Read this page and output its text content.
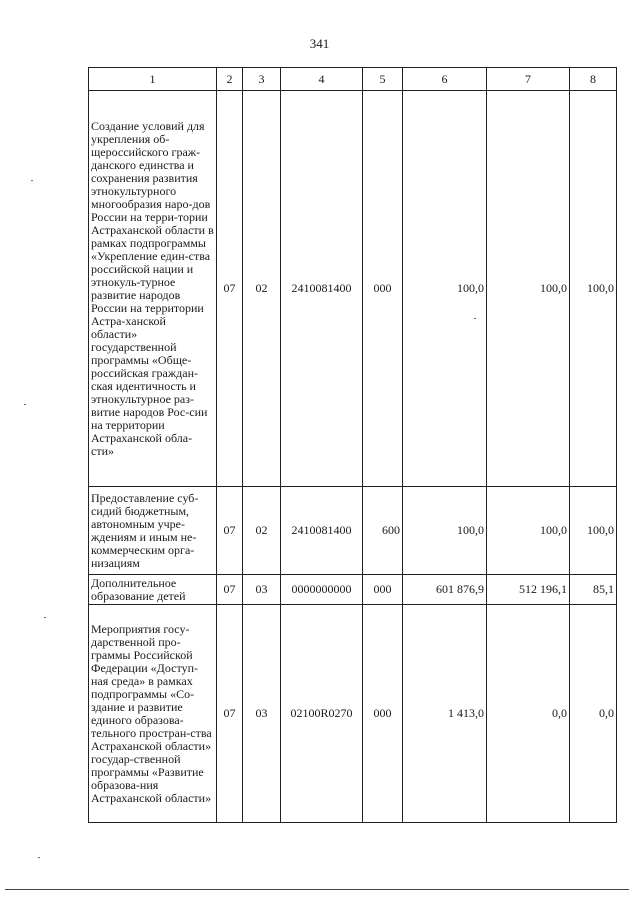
341
1	2	3	4	5	6	7	8
Создание условий для укрепления об-щероссийского граж-данского единства и сохранения развития этнокультурного многообразия наро-дов России на терри-тории Астраханской области в рамках подпрограммы «Укрепление един-ства российской нации и этнокуль-турное развитие народов России на территории Астра-ханской области» государственной программы «Обще-российская граждан-ская идентичность и этнокультурное раз-витие народов Рос-сии на территории Астраханской обла-сти»	07	02	2410081400	000	100,0	100,0	100,0
Предоставление суб-сидий бюджетным, автономным учре-ждениям и иным не-коммерческим орга-низациям	07	02	2410081400	600	100,0	100,0	100,0
Дополнительное образование детей	07	03	0000000000	000	601 876,9	512 196,1	85,1
Мероприятия госу-дарственной про-граммы Российской Федерации «Доступ-ная среда» в рамках подпрограммы «Со-здание и развитие единого образова-тельного простран-ства Астраханской области» государ-ственной программы «Развитие образова-ния Астраханской области»	07	03	02100R0270	000	1 413,0	0,0	0,0
